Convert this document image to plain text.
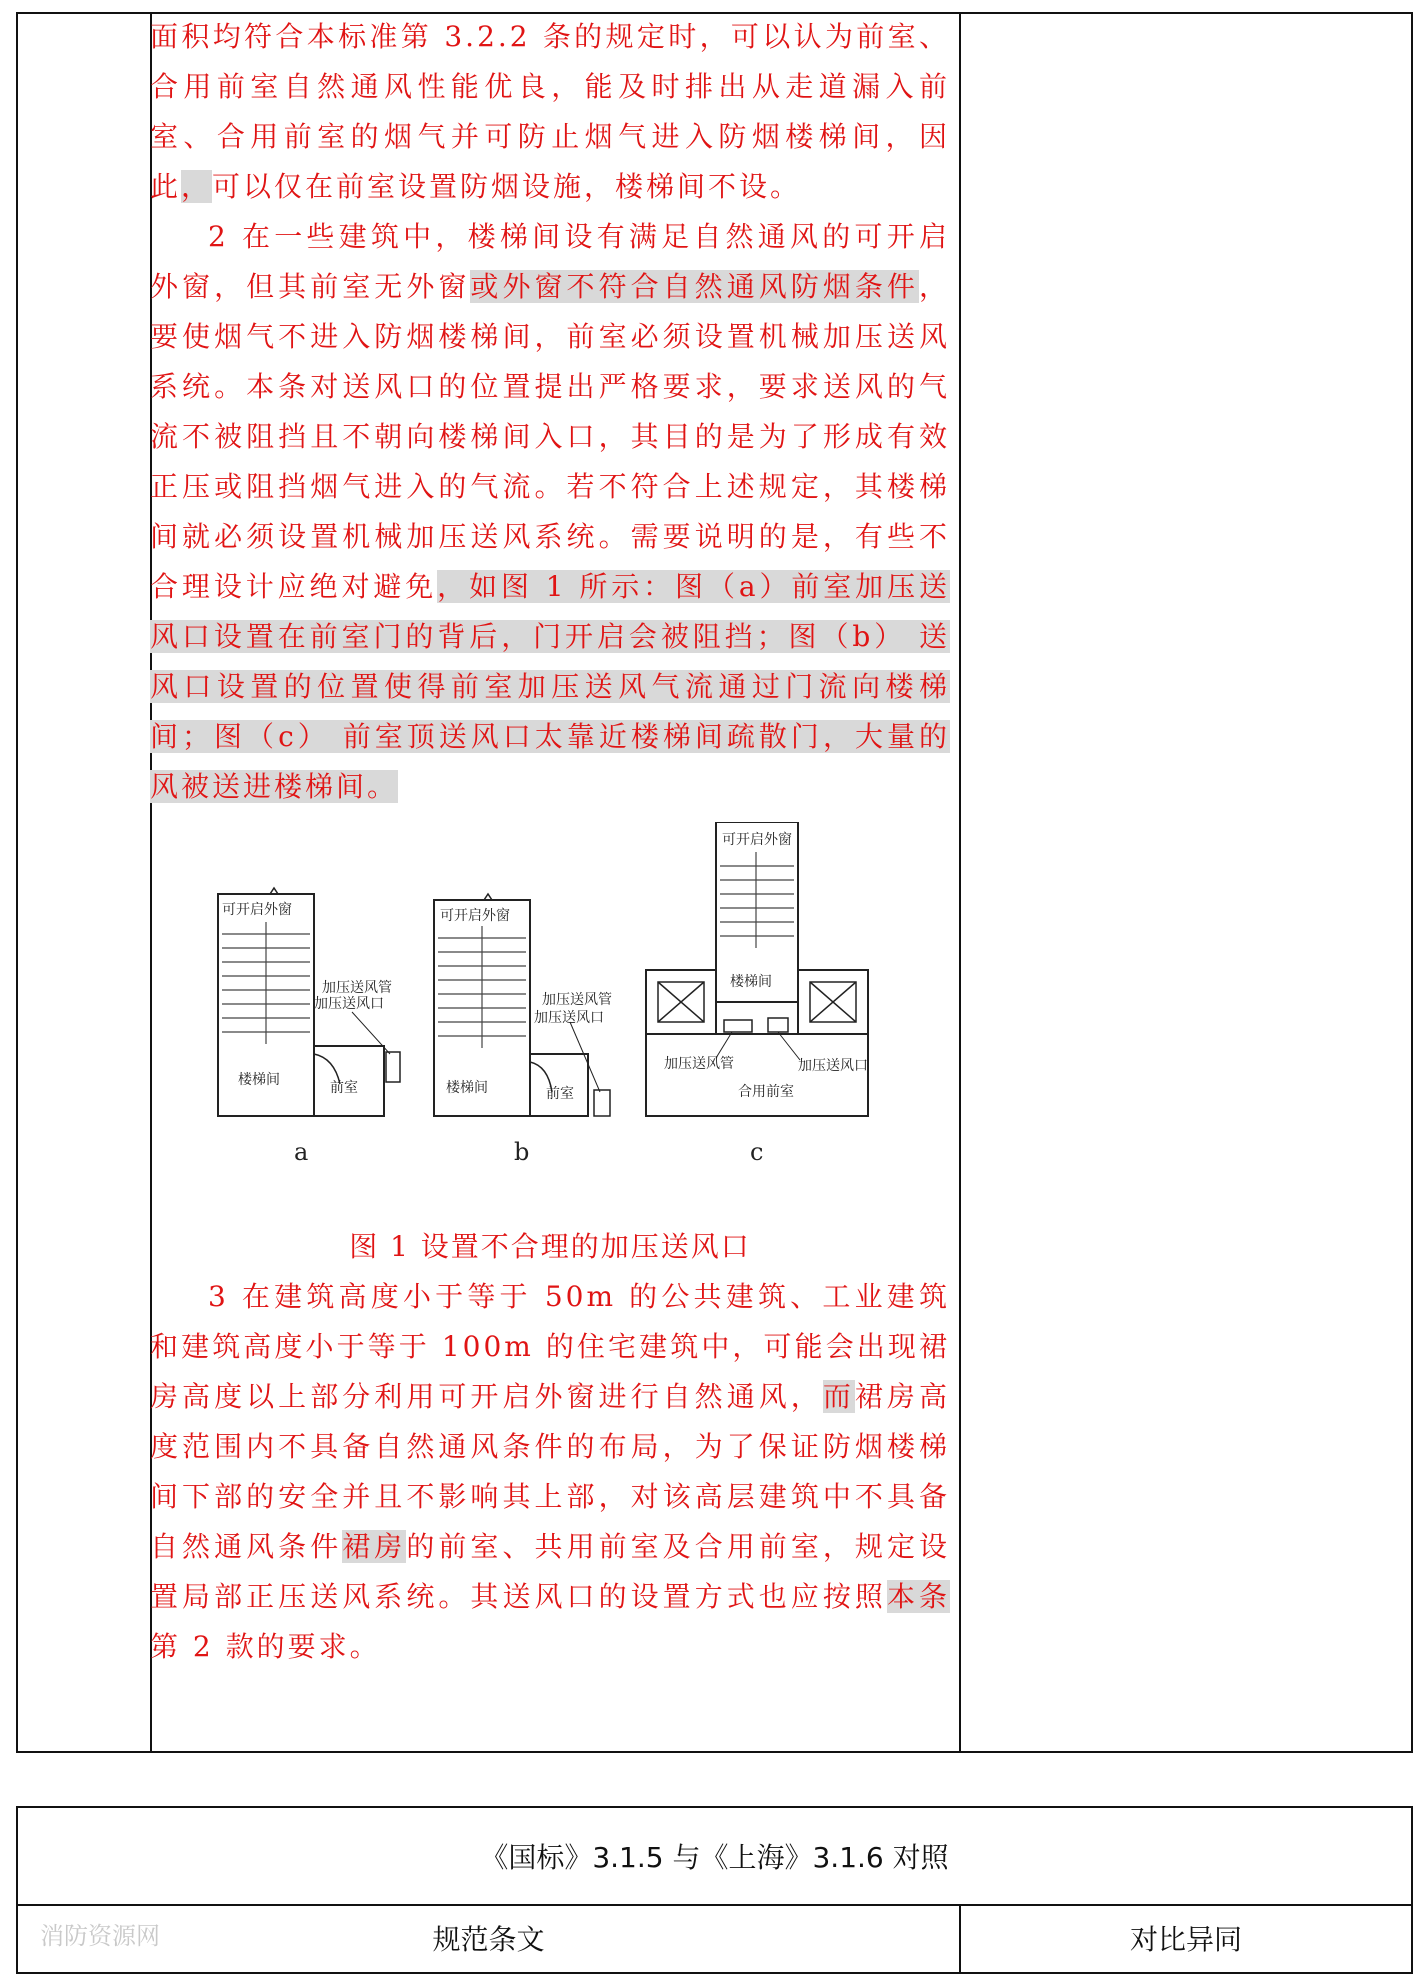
面积均符合本标准第 3.2.2 条的规定时，可以认为前室、合用前室自然通风性能优良，能及时排出从走道漏入前室、合用前室的烟气并可防止烟气进入防烟楼梯间，因此，可以仅在前室设置防烟设施，楼梯间不设。

2 在一些建筑中，楼梯间设有满足自然通风的可开启外窗，但其前室无外窗或外窗不符合自然通风防烟条件，要使烟气不进入防烟楼梯间，前室必须设置机械加压送风系统。本条对送风口的位置提出严格要求，要求送风的气流不被阻挡且不朝向楼梯间入口，其目的是为了形成有效正压或阻挡烟气进入的气流。若不符合上述规定，其楼梯间就必须设置机械加压送风系统。需要说明的是，有些不合理设计应绝对避免，如图 1 所示：图（a）前室加压送风口设置在前室门的背后，门开启会被阻挡；图（b） 送风口设置的位置使得前室加压送风气流通过门流向楼梯间；图（c） 前室顶送风口太靠近楼梯间疏散门，大量的风被送进楼梯间。

可开启外窗
加压送风管
加压送风口
楼梯间	前室
a
可开启外窗
加压送风管
加压送风口
楼梯间	前室
b
可开启外窗
楼梯间
加压送风管	加压送风口
合用前室
c

图 1 设置不合理的加压送风口

3 在建筑高度小于等于 50m 的公共建筑、工业建筑和建筑高度小于等于 100m 的住宅建筑中，可能会出现裙房高度以上部分利用可开启外窗进行自然通风，而裙房高度范围内不具备自然通风条件的布局，为了保证防烟楼梯间下部的安全并且不影响其上部，对该高层建筑中不具备自然通风条件裙房的前室、共用前室及合用前室，规定设置局部正压送风系统。其送风口的设置方式也应按照本条第 2 款的要求。

《国标》3.1.5 与《上海》3.1.6 对照
规范条文	对比异同
消防资源网
